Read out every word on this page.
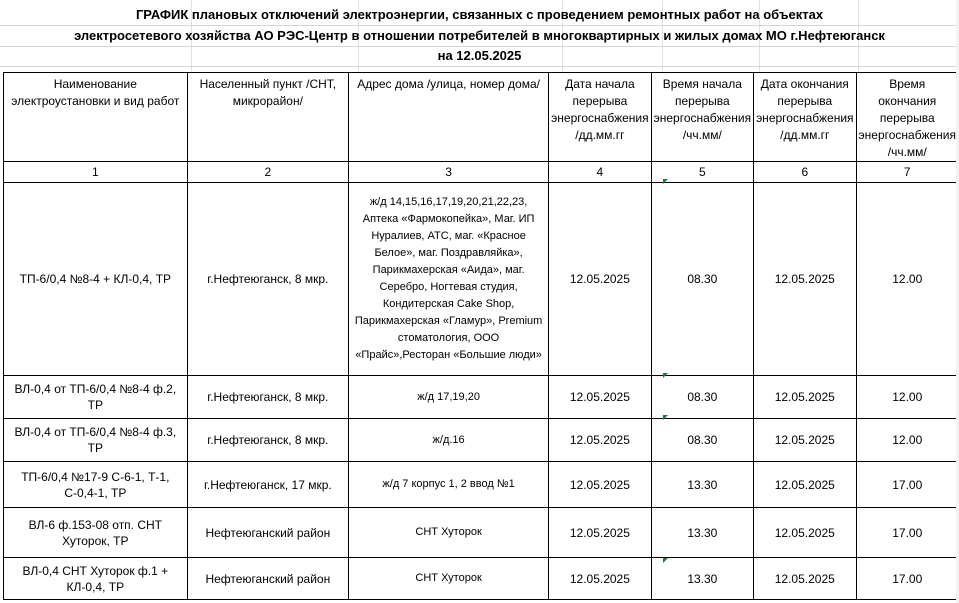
ГРАФИК плановых отключений электроэнергии, связанных с проведением ремонтных работ на объектах
электросетевого хозяйства АО РЭС-Центр в отношении потребителей в многоквартирных и жилых домах МО г.Нефтеюганск
на 12.05.2025
Наименование электроустановки и вид работ	Населенный пункт /СНТ, микрорайон/	Адрес дома /улица, номер дома/	Дата начала перерыва энергоснабжения /дд.мм.гг	Время начала перерыва энергоснабжения /чч.мм/	Дата окончания перерыва энергоснабжения /дд.мм.гг	Время окончания перерыва энергоснабжения /чч.мм/
1	2	3	4	5	6	7
ТП-6/0,4 №8-4 + КЛ-0,4, ТР	г.Нефтеюганск, 8 мкр.	ж/д 14,15,16,17,19,20,21,22,23, Аптека «Фармокопейка», Маг. ИП Нуралиев, АТС, маг. «Красное Белое», маг. Поздравляйка», Парикмахерская «Аида», маг. Серебро, Ногтевая студия, Кондитерская Cake Shop, Парикмахерская «Гламур», Premium стоматология, ООО «Прайс»,Ресторан «Большие люди»	12.05.2025	08.30	12.05.2025	12.00
ВЛ-0,4 от ТП-6/0,4 №8-4 ф.2, ТР	г.Нефтеюганск, 8 мкр.	ж/д 17,19,20	12.05.2025	08.30	12.05.2025	12.00
ВЛ-0,4 от ТП-6/0,4 №8-4 ф.3, ТР	г.Нефтеюганск, 8 мкр.	ж/д.16	12.05.2025	08.30	12.05.2025	12.00
ТП-6/0,4 №17-9 С-6-1, Т-1, С-0,4-1, ТР	г.Нефтеюганск, 17 мкр.	ж/д 7 корпус 1, 2 ввод №1	12.05.2025	13.30	12.05.2025	17.00
ВЛ-6 ф.153-08 отп. СНТ Хуторок, ТР	Нефтеюганский район	СНТ Хуторок	12.05.2025	13.30	12.05.2025	17.00
ВЛ-0,4 СНТ Хуторок ф.1 + КЛ-0,4, ТР	Нефтеюганский район	СНТ Хуторок	12.05.2025	13.30	12.05.2025	17.00
